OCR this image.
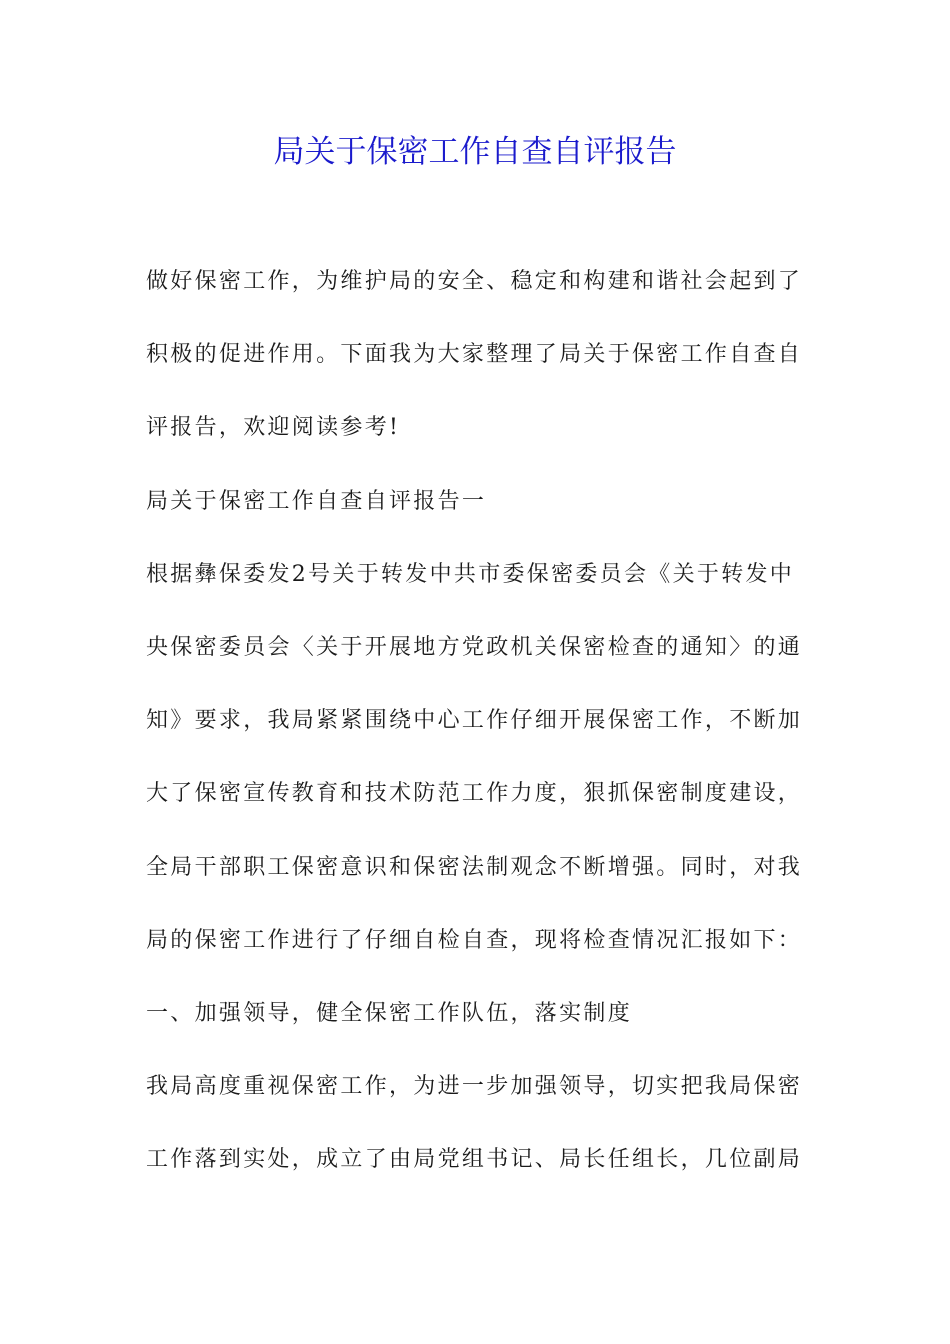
局关于保密工作自查自评报告
做好保密工作，为维护局的安全、稳定和构建和谐社会起到了
积极的促进作用。下面我为大家整理了局关于保密工作自查自
评报告，欢迎阅读参考!
局关于保密工作自查自评报告一
根据彝保委发2号关于转发中共市委保密委员会《关于转发中
央保密委员会〈关于开展地方党政机关保密检查的通知〉的通
知》要求，我局紧紧围绕中心工作仔细开展保密工作，不断加
大了保密宣传教育和技术防范工作力度，狠抓保密制度建设，
全局干部职工保密意识和保密法制观念不断增强。同时，对我
局的保密工作进行了仔细自检自查，现将检查情况汇报如下：
一、加强领导，健全保密工作队伍，落实制度
我局高度重视保密工作，为进一步加强领导，切实把我局保密
工作落到实处，成立了由局党组书记、局长任组长，几位副局
